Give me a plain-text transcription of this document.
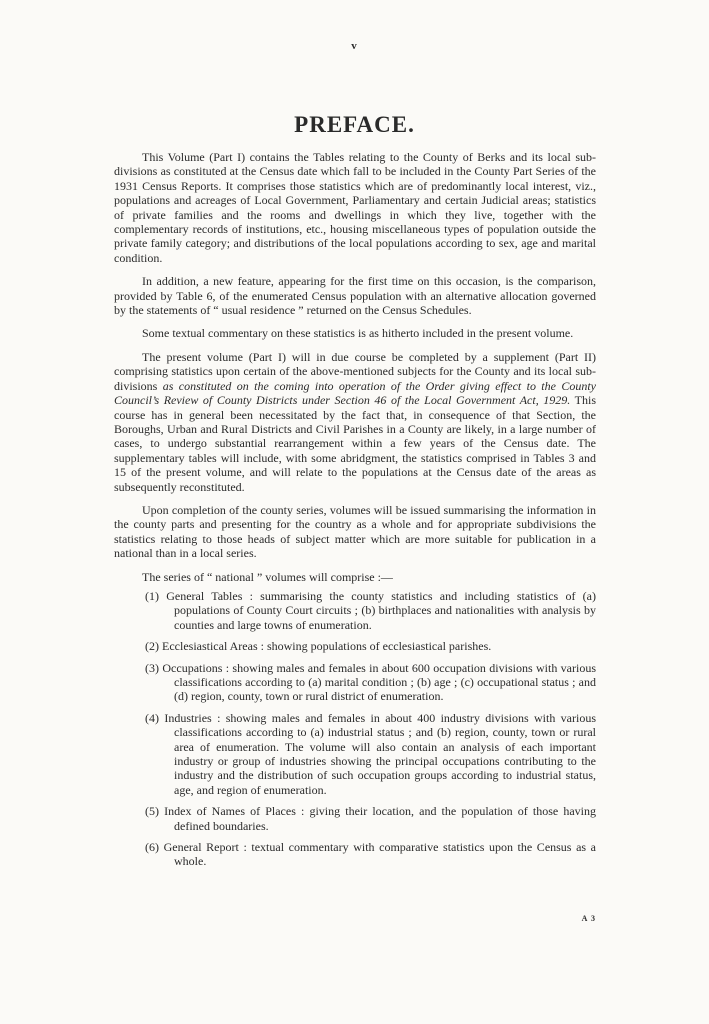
v
PREFACE.

This Volume (Part I) contains the Tables relating to the County of Berks and its local sub-divisions as constituted at the Census date which fall to be included in the County Part Series of the 1931 Census Reports. It comprises those statistics which are of predominantly local interest, viz., populations and acreages of Local Government, Parliamentary and certain Judicial areas; statistics of private families and the rooms and dwellings in which they live, together with the complementary records of institutions, etc., housing miscellaneous types of population outside the private family category; and distributions of the local populations according to sex, age and marital condition.

In addition, a new feature, appearing for the first time on this occasion, is the comparison, provided by Table 6, of the enumerated Census population with an alternative allocation governed by the statements of “ usual residence ” returned on the Census Schedules.

Some textual commentary on these statistics is as hitherto included in the present volume.

The present volume (Part I) will in due course be completed by a supplement (Part II) comprising statistics upon certain of the above-mentioned subjects for the County and its local sub-divisions as constituted on the coming into operation of the Order giving effect to the County Council’s Review of County Districts under Section 46 of the Local Government Act, 1929. This course has in general been necessitated by the fact that, in consequence of that Section, the Boroughs, Urban and Rural Districts and Civil Parishes in a County are likely, in a large number of cases, to undergo substantial rearrangement within a few years of the Census date. The supplementary tables will include, with some abridgment, the statistics comprised in Tables 3 and 15 of the present volume, and will relate to the populations at the Census date of the areas as subsequently reconstituted.

Upon completion of the county series, volumes will be issued summarising the information in the county parts and presenting for the country as a whole and for appropriate subdivisions the statistics relating to those heads of subject matter which are more suitable for publication in a national than in a local series.

The series of “ national ” volumes will comprise :—

(1) General Tables : summarising the county statistics and including statistics of (a) populations of County Court circuits ; (b) birthplaces and nationalities with analysis by counties and large towns of enumeration.
(2) Ecclesiastical Areas : showing populations of ecclesiastical parishes.
(3) Occupations : showing males and females in about 600 occupation divisions with various classifications according to (a) marital condition ; (b) age ; (c) occupational status ; and (d) region, county, town or rural district of enumeration.
(4) Industries : showing males and females in about 400 industry divisions with various classifications according to (a) industrial status ; and (b) region, county, town or rural area of enumeration. The volume will also contain an analysis of each important industry or group of industries showing the principal occupations contributing to the industry and the distribution of such occupation groups according to industrial status, age, and region of enumeration.
(5) Index of Names of Places : giving their location, and the population of those having defined boundaries.
(6) General Report : textual commentary with comparative statistics upon the Census as a whole.
A 3
